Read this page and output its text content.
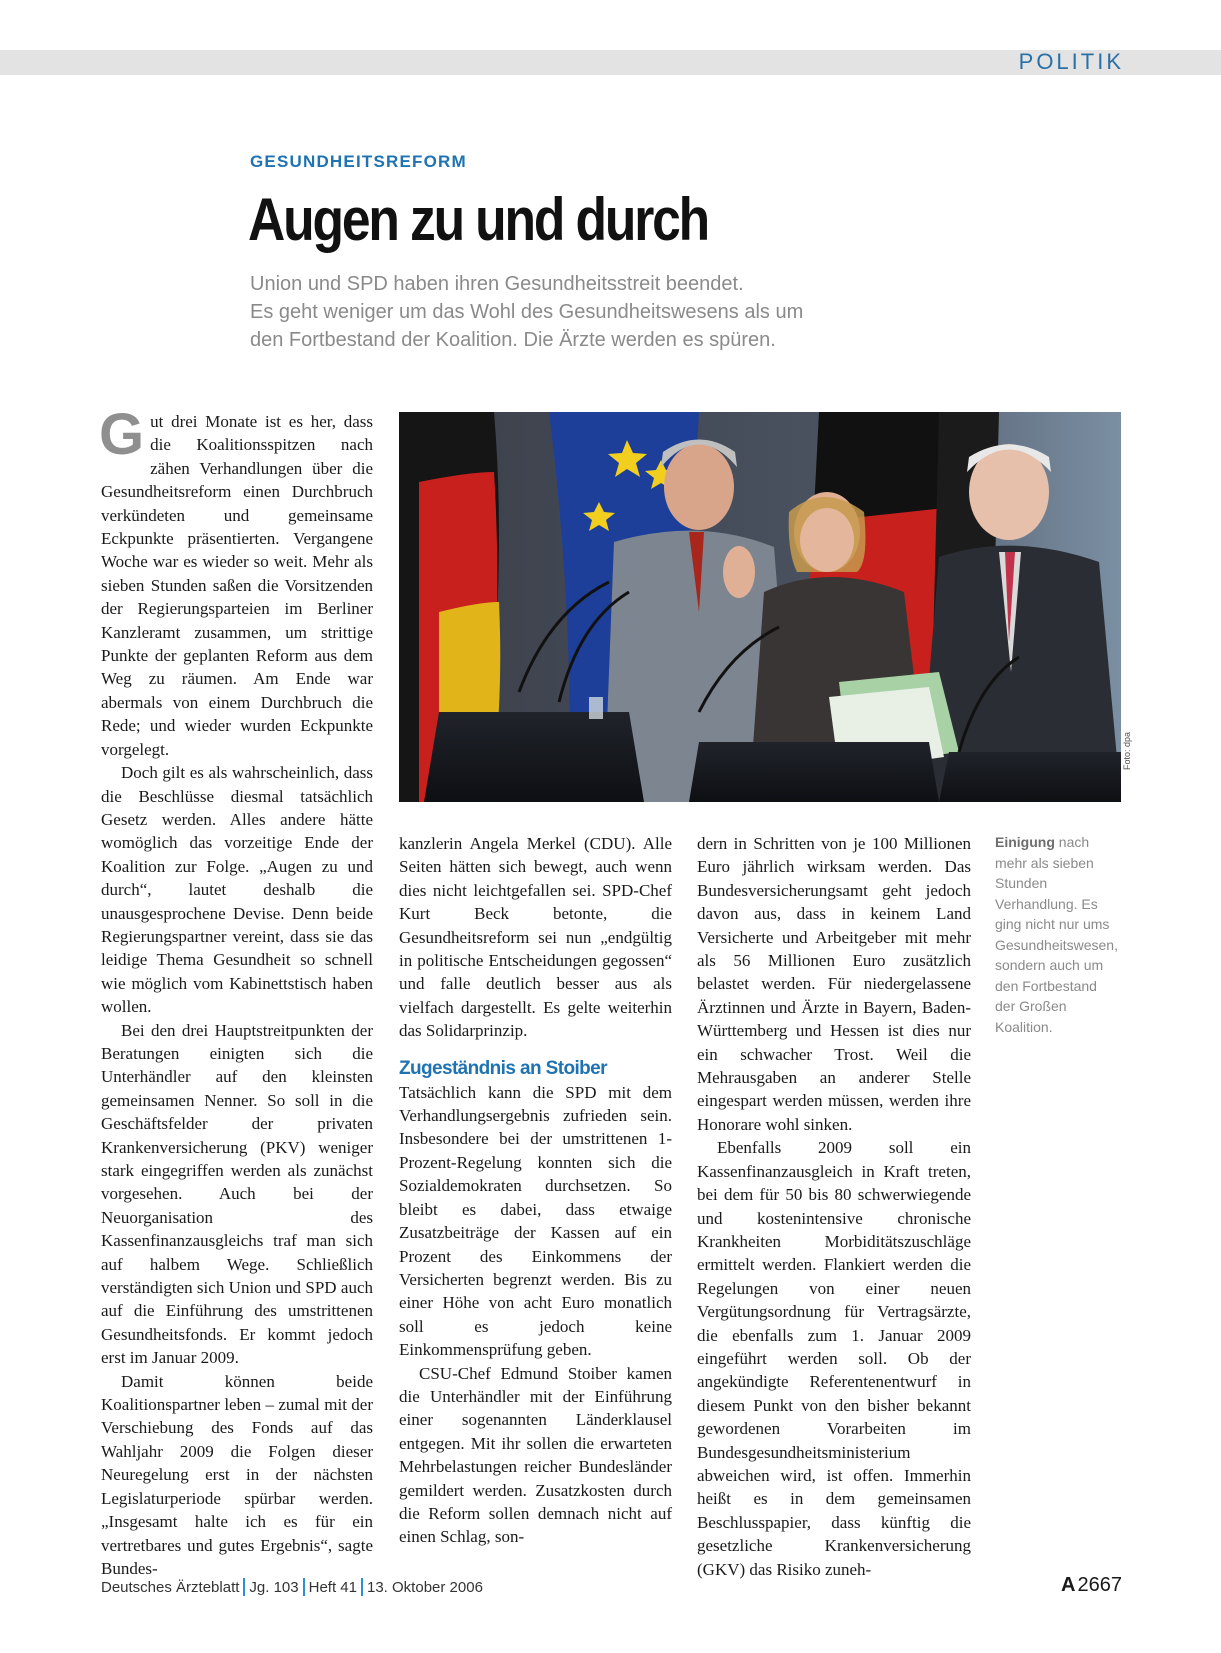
POLITIK
GESUNDHEITSREFORM
Augen zu und durch
Union und SPD haben ihren Gesundheitsstreit beendet.
Es geht weniger um das Wohl des Gesundheitswesens als um
den Fortbestand der Koalition. Die Ärzte werden es spüren.

Gut drei Monate ist es her, dass die Koalitionsspitzen nach zähen Verhandlungen über die Gesundheitsreform einen Durchbruch verkündeten und gemeinsame Eckpunkte präsentierten. Vergangene Woche war es wieder so weit. Mehr als sieben Stunden saßen die Vorsitzenden der Regierungsparteien im Berliner Kanzleramt zusammen, um strittige Punkte der geplanten Reform aus dem Weg zu räumen. Am Ende war abermals von einem Durchbruch die Rede; und wieder wurden Eckpunkte vorgelegt.

Doch gilt es als wahrscheinlich, dass die Beschlüsse diesmal tatsächlich Gesetz werden. Alles andere hätte womöglich das vorzeitige Ende der Koalition zur Folge. „Augen zu und durch“, lautet deshalb die unausgesprochene Devise. Denn beide Regierungspartner vereint, dass sie das leidige Thema Gesundheit so schnell wie möglich vom Kabinettstisch haben wollen.

Bei den drei Hauptstreitpunkten der Beratungen einigten sich die Unterhändler auf den kleinsten gemeinsamen Nenner. So soll in die Geschäftsfelder der privaten Krankenversicherung (PKV) weniger stark eingegriffen werden als zunächst vorgesehen. Auch bei der Neuorganisation des Kassenfinanzausgleichs traf man sich auf halbem Wege. Schließlich verständigten sich Union und SPD auch auf die Einführung des umstrittenen Gesundheitsfonds. Er kommt jedoch erst im Januar 2009.

Damit können beide Koalitionspartner leben – zumal mit der Verschiebung des Fonds auf das Wahljahr 2009 die Folgen dieser Neuregelung erst in der nächsten Legislaturperiode spürbar werden. „Insgesamt halte ich es für ein vertretbares und gutes Ergebnis“, sagte Bundes-

Foto: dpa

kanzlerin Angela Merkel (CDU). Alle Seiten hätten sich bewegt, auch wenn dies nicht leichtgefallen sei. SPD-Chef Kurt Beck betonte, die Gesundheitsreform sei nun „endgültig in politische Entscheidungen gegossen“ und falle deutlich besser aus als vielfach dargestellt. Es gelte weiterhin das Solidarprinzip.

Zugeständnis an Stoiber

Tatsächlich kann die SPD mit dem Verhandlungsergebnis zufrieden sein. Insbesondere bei der umstrittenen 1-Prozent-Regelung konnten sich die Sozialdemokraten durchsetzen. So bleibt es dabei, dass etwaige Zusatzbeiträge der Kassen auf ein Prozent des Einkommens der Versicherten begrenzt werden. Bis zu einer Höhe von acht Euro monatlich soll es jedoch keine Einkommensprüfung geben.

CSU-Chef Edmund Stoiber kamen die Unterhändler mit der Einführung einer sogenannten Länderklausel entgegen. Mit ihr sollen die erwarteten Mehrbelastungen reicher Bundesländer gemildert werden. Zusatzkosten durch die Reform sollen demnach nicht auf einen Schlag, son-

dern in Schritten von je 100 Millionen Euro jährlich wirksam werden. Das Bundesversicherungsamt geht jedoch davon aus, dass in keinem Land Versicherte und Arbeitgeber mit mehr als 56 Millionen Euro zusätzlich belastet werden. Für niedergelassene Ärztinnen und Ärzte in Bayern, Baden-Württemberg und Hessen ist dies nur ein schwacher Trost. Weil die Mehrausgaben an anderer Stelle eingespart werden müssen, werden ihre Honorare wohl sinken.

Ebenfalls 2009 soll ein Kassenfinanzausgleich in Kraft treten, bei dem für 50 bis 80 schwerwiegende und kostenintensive chronische Krankheiten Morbiditätszuschläge ermittelt werden. Flankiert werden die Regelungen von einer neuen Vergütungsordnung für Vertragsärzte, die ebenfalls zum 1. Januar 2009 eingeführt werden soll. Ob der angekündigte Referentenentwurf in diesem Punkt von den bisher bekannt gewordenen Vorarbeiten im Bundesgesundheitsministerium abweichen wird, ist offen. Immerhin heißt es in dem gemeinsamen Beschlusspapier, dass künftig die gesetzliche Krankenversicherung (GKV) das Risiko zuneh-

Einigung nach mehr als sieben Stunden Verhandlung. Es ging nicht nur ums Gesundheitswesen, sondern auch um den Fortbestand der Großen Koalition.
Deutsches Ärzteblatt Jg. 103 Heft 41 13. Oktober 2006	A 2667
